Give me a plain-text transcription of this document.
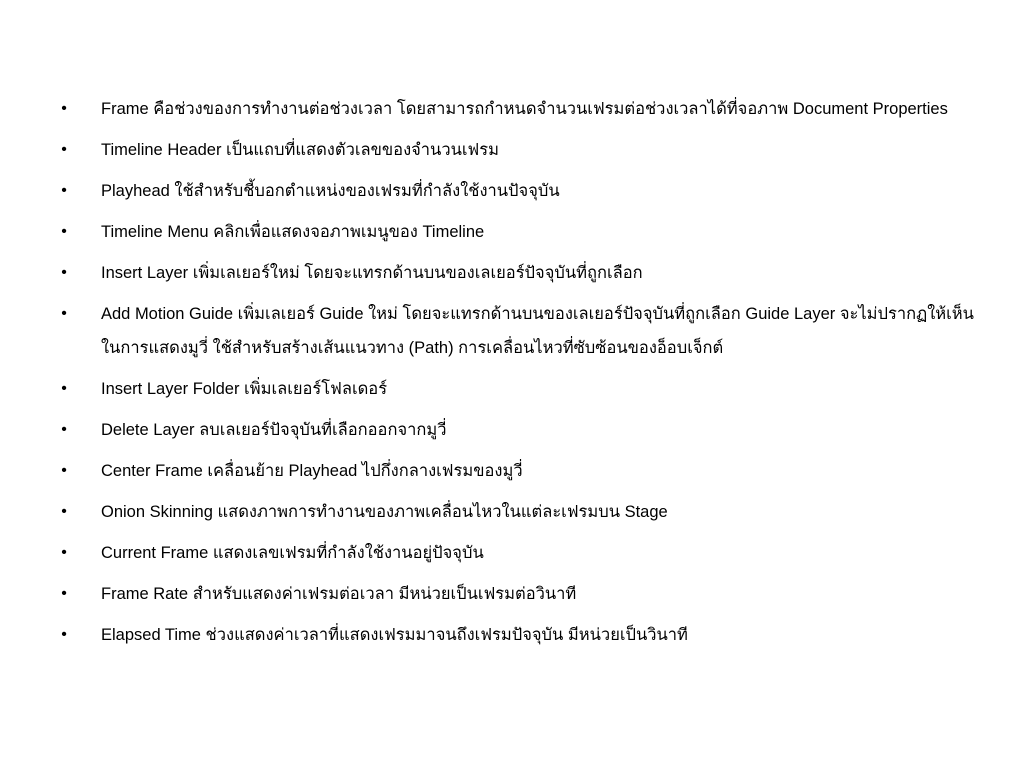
• Frame คือช่วงของการทำงานต่อช่วงเวลา โดยสามารถกำหนดจำนวนเฟรมต่อช่วงเวลาได้ที่จอภาพ Document Properties
• Timeline Header เป็นแถบที่แสดงตัวเลขของจำนวนเฟรม
• Playhead ใช้สำหรับชี้บอกตำแหน่งของเฟรมที่กำลังใช้งานปัจจุบัน
• Timeline Menu คลิกเพื่อแสดงจอภาพเมนูของ Timeline
• Insert Layer เพิ่มเลเยอร์ใหม่ โดยจะแทรกด้านบนของเลเยอร์ปัจจุบันที่ถูกเลือก
• Add Motion Guide เพิ่มเลเยอร์ Guide ใหม่ โดยจะแทรกด้านบนของเลเยอร์ปัจจุบันที่ถูกเลือก Guide Layer จะไม่ปรากฏให้เห็นในการแสดงมูวี่ ใช้สำหรับสร้างเส้นแนวทาง (Path) การเคลื่อนไหวที่ซับซ้อนของอ็อบเจ็กต์
• Insert Layer Folder เพิ่มเลเยอร์โฟลเดอร์
• Delete Layer ลบเลเยอร์ปัจจุบันที่เลือกออกจากมูวี่
• Center Frame เคลื่อนย้าย Playhead ไปกึ่งกลางเฟรมของมูวี่
• Onion Skinning แสดงภาพการทำงานของภาพเคลื่อนไหวในแต่ละเฟรมบน Stage
• Current Frame แสดงเลขเฟรมที่กำลังใช้งานอยู่ปัจจุบัน
• Frame Rate สำหรับแสดงค่าเฟรมต่อเวลา มีหน่วยเป็นเฟรมต่อวินาที
• Elapsed Time ช่วงแสดงค่าเวลาที่แสดงเฟรมมาจนถึงเฟรมปัจจุบัน มีหน่วยเป็นวินาที
